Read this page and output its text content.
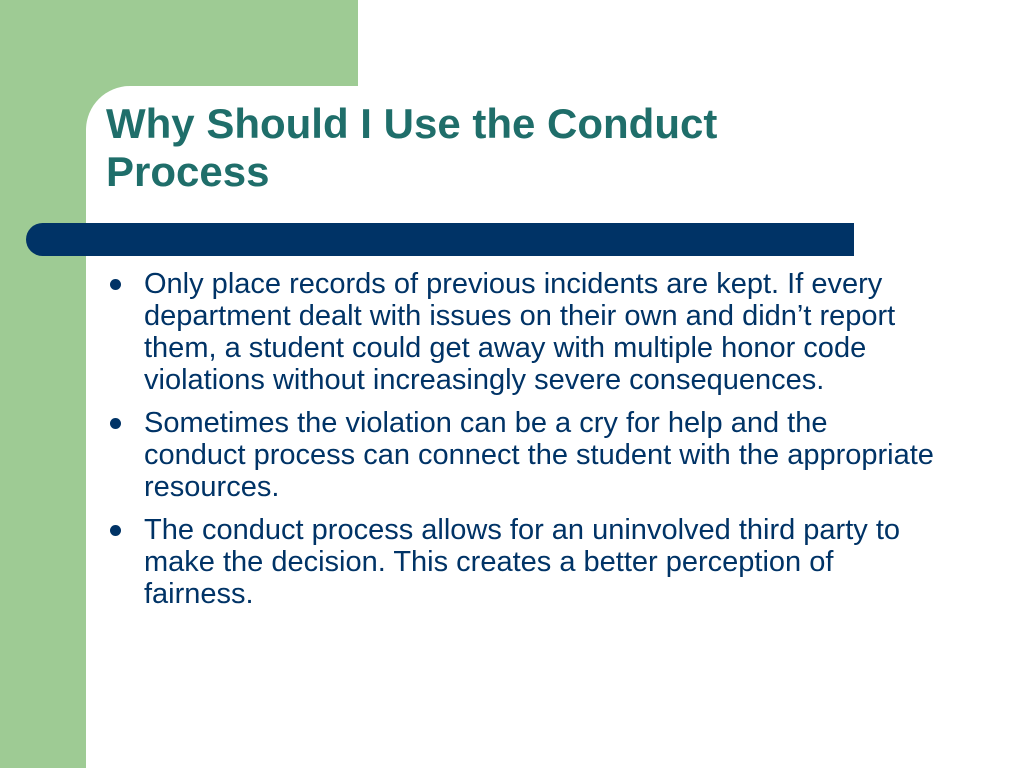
Why Should I Use the Conduct Process
Only place records of previous incidents are kept. If every department dealt with issues on their own and didn’t report them, a student could get away with multiple honor code violations without increasingly severe consequences.
Sometimes the violation can be a cry for help and the conduct process can connect the student with the appropriate resources.
The conduct process allows for an uninvolved third party to make the decision. This creates a better perception of fairness.
